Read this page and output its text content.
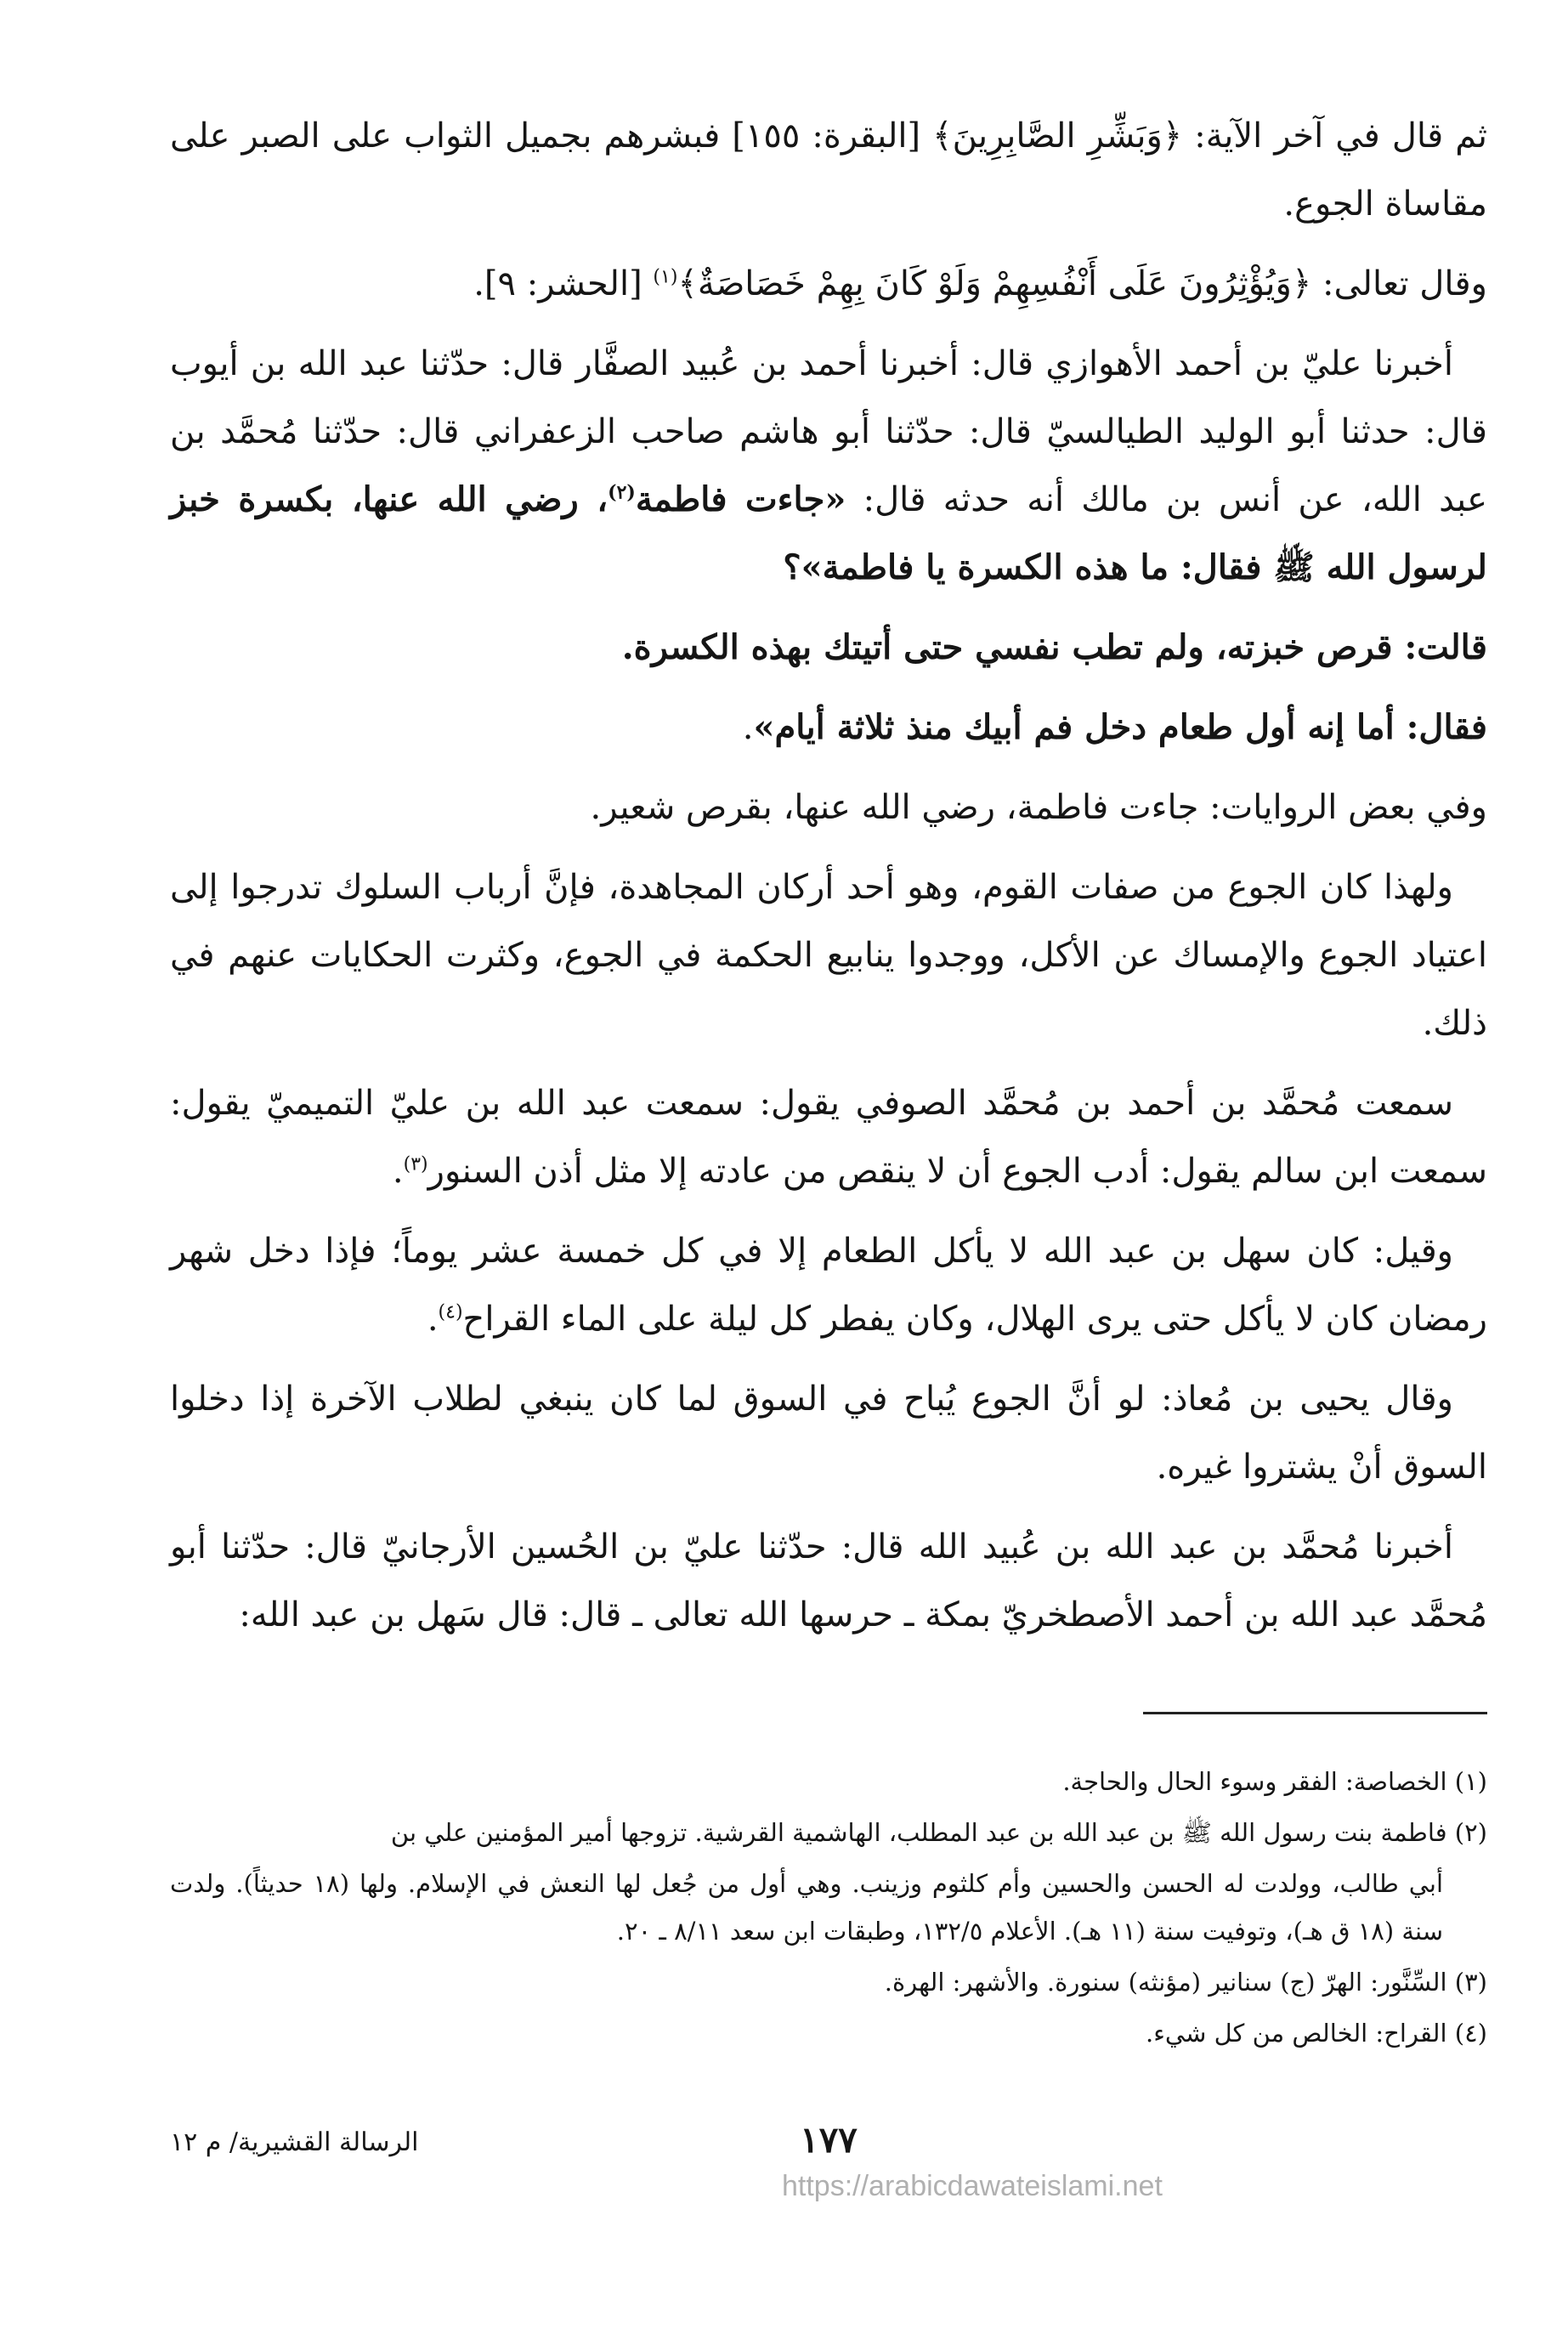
ثم قال في آخر الآية: ﴿وَبَشِّرِ الصَّابِرِينَ﴾ [البقرة: ١٥٥] فبشرهم بجميل الثواب على الصبر على مقاساة الجوع.

وقال تعالى: ﴿وَيُؤْثِرُونَ عَلَى أَنْفُسِهِمْ وَلَوْ كَانَ بِهِمْ خَصَاصَةٌ﴾$^{(١)}$ [الحشر: ٩].

أخبرنا عليّ بن أحمد الأهوازي قال: أخبرنا أحمد بن عُبيد الصفَّار قال: حدّثنا عبد الله بن أيوب قال: حدثنا أبو الوليد الطيالسيّ قال: حدّثنا أبو هاشم صاحب الزعفراني قال: حدّثنا مُحمَّد بن عبد الله، عن أنس بن مالك أنه حدثه قال: «جاءت فاطمة$^{(٢)}$، رضي الله عنها، بكسرة خبز لرسول الله ﷺ فقال: ما هذه الكسرة يا فاطمة»؟

قالت: قرص خبزته، ولم تطب نفسي حتى أتيتك بهذه الكسرة.

فقال: أما إنه أول طعام دخل فم أبيك منذ ثلاثة أيام».

وفي بعض الروايات: جاءت فاطمة، رضي الله عنها، بقرص شعير.

ولهذا كان الجوع من صفات القوم، وهو أحد أركان المجاهدة، فإنَّ أرباب السلوك تدرجوا إلى اعتياد الجوع والإمساك عن الأكل، ووجدوا ينابيع الحكمة في الجوع، وكثرت الحكايات عنهم في ذلك.

سمعت مُحمَّد بن أحمد بن مُحمَّد الصوفي يقول: سمعت عبد الله بن عليّ التميميّ يقول: سمعت ابن سالم يقول: أدب الجوع أن لا ينقص من عادته إلا مثل أذن السنور$^{(٣)}$.

وقيل: كان سهل بن عبد الله لا يأكل الطعام إلا في كل خمسة عشر يوماً؛ فإذا دخل شهر رمضان كان لا يأكل حتى يرى الهلال، وكان يفطر كل ليلة على الماء القراح$^{(٤)}$.

وقال يحيى بن مُعاذ: لو أنَّ الجوع يُباح في السوق لما كان ينبغي لطلاب الآخرة إذا دخلوا السوق أنْ يشتروا غيره.

أخبرنا مُحمَّد بن عبد الله بن عُبيد الله قال: حدّثنا عليّ بن الحُسين الأرجانيّ قال: حدّثنا أبو مُحمَّد عبد الله بن أحمد الأصطخريّ بمكة ـ حرسها الله تعالى ـ قال: قال سَهل بن عبد الله:

(١) الخصاصة: الفقر وسوء الحال والحاجة.

(٢) فاطمة بنت رسول الله ﷺ بن عبد الله بن عبد المطلب، الهاشمية القرشية. تزوجها أمير المؤمنين علي بن

أبي طالب، وولدت له الحسن والحسين وأم كلثوم وزينب. وهي أول من جُعل لها النعش في الإسلام. ولها (١٨ حديثاً). ولدت سنة (١٨ ق هـ)، وتوفيت سنة (١١ هـ). الأعلام ١٣٢/٥، وطبقات ابن سعد ٨/١١ ـ ٢٠.

(٣) السِّنَّور: الهرّ (ج) سنانير (مؤنثه) سنورة. والأشهر: الهرة.

(٤) القراح: الخالص من كل شيء.

١٧٧
الرسالة القشيرية/ م ١٢
https://arabicdawateislami.net
